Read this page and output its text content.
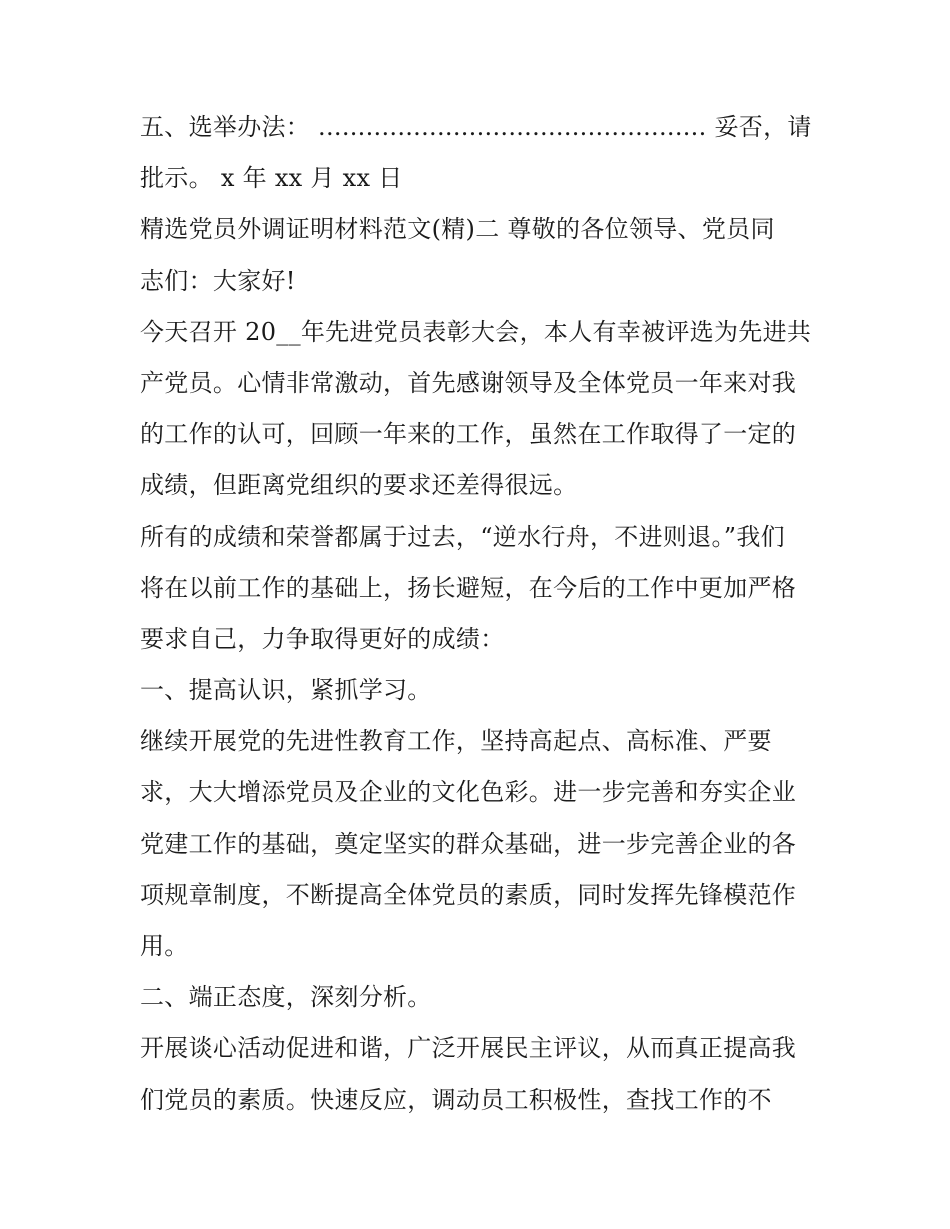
五、选举办法： ................................................. 妥否，请
批示。 x 年 xx 月 xx 日
精选党员外调证明材料范文(精)二 尊敬的各位领导、党员同
志们：大家好!
今天召开 20__年先进党员表彰大会，本人有幸被评选为先进共
产党员。心情非常激动，首先感谢领导及全体党员一年来对我
的工作的认可，回顾一年来的工作，虽然在工作取得了一定的
成绩，但距离党组织的要求还差得很远。
所有的成绩和荣誉都属于过去，“逆水行舟，不进则退。”我们
将在以前工作的基础上，扬长避短，在今后的工作中更加严格
要求自己，力争取得更好的成绩：
一、提高认识，紧抓学习。
继续开展党的先进性教育工作，坚持高起点、高标准、严要
求，大大增添党员及企业的文化色彩。进一步完善和夯实企业
党建工作的基础，奠定坚实的群众基础，进一步完善企业的各
项规章制度，不断提高全体党员的素质，同时发挥先锋模范作
用。
二、端正态度，深刻分析。
开展谈心活动促进和谐，广泛开展民主评议，从而真正提高我
们党员的素质。快速反应，调动员工积极性，查找工作的不
